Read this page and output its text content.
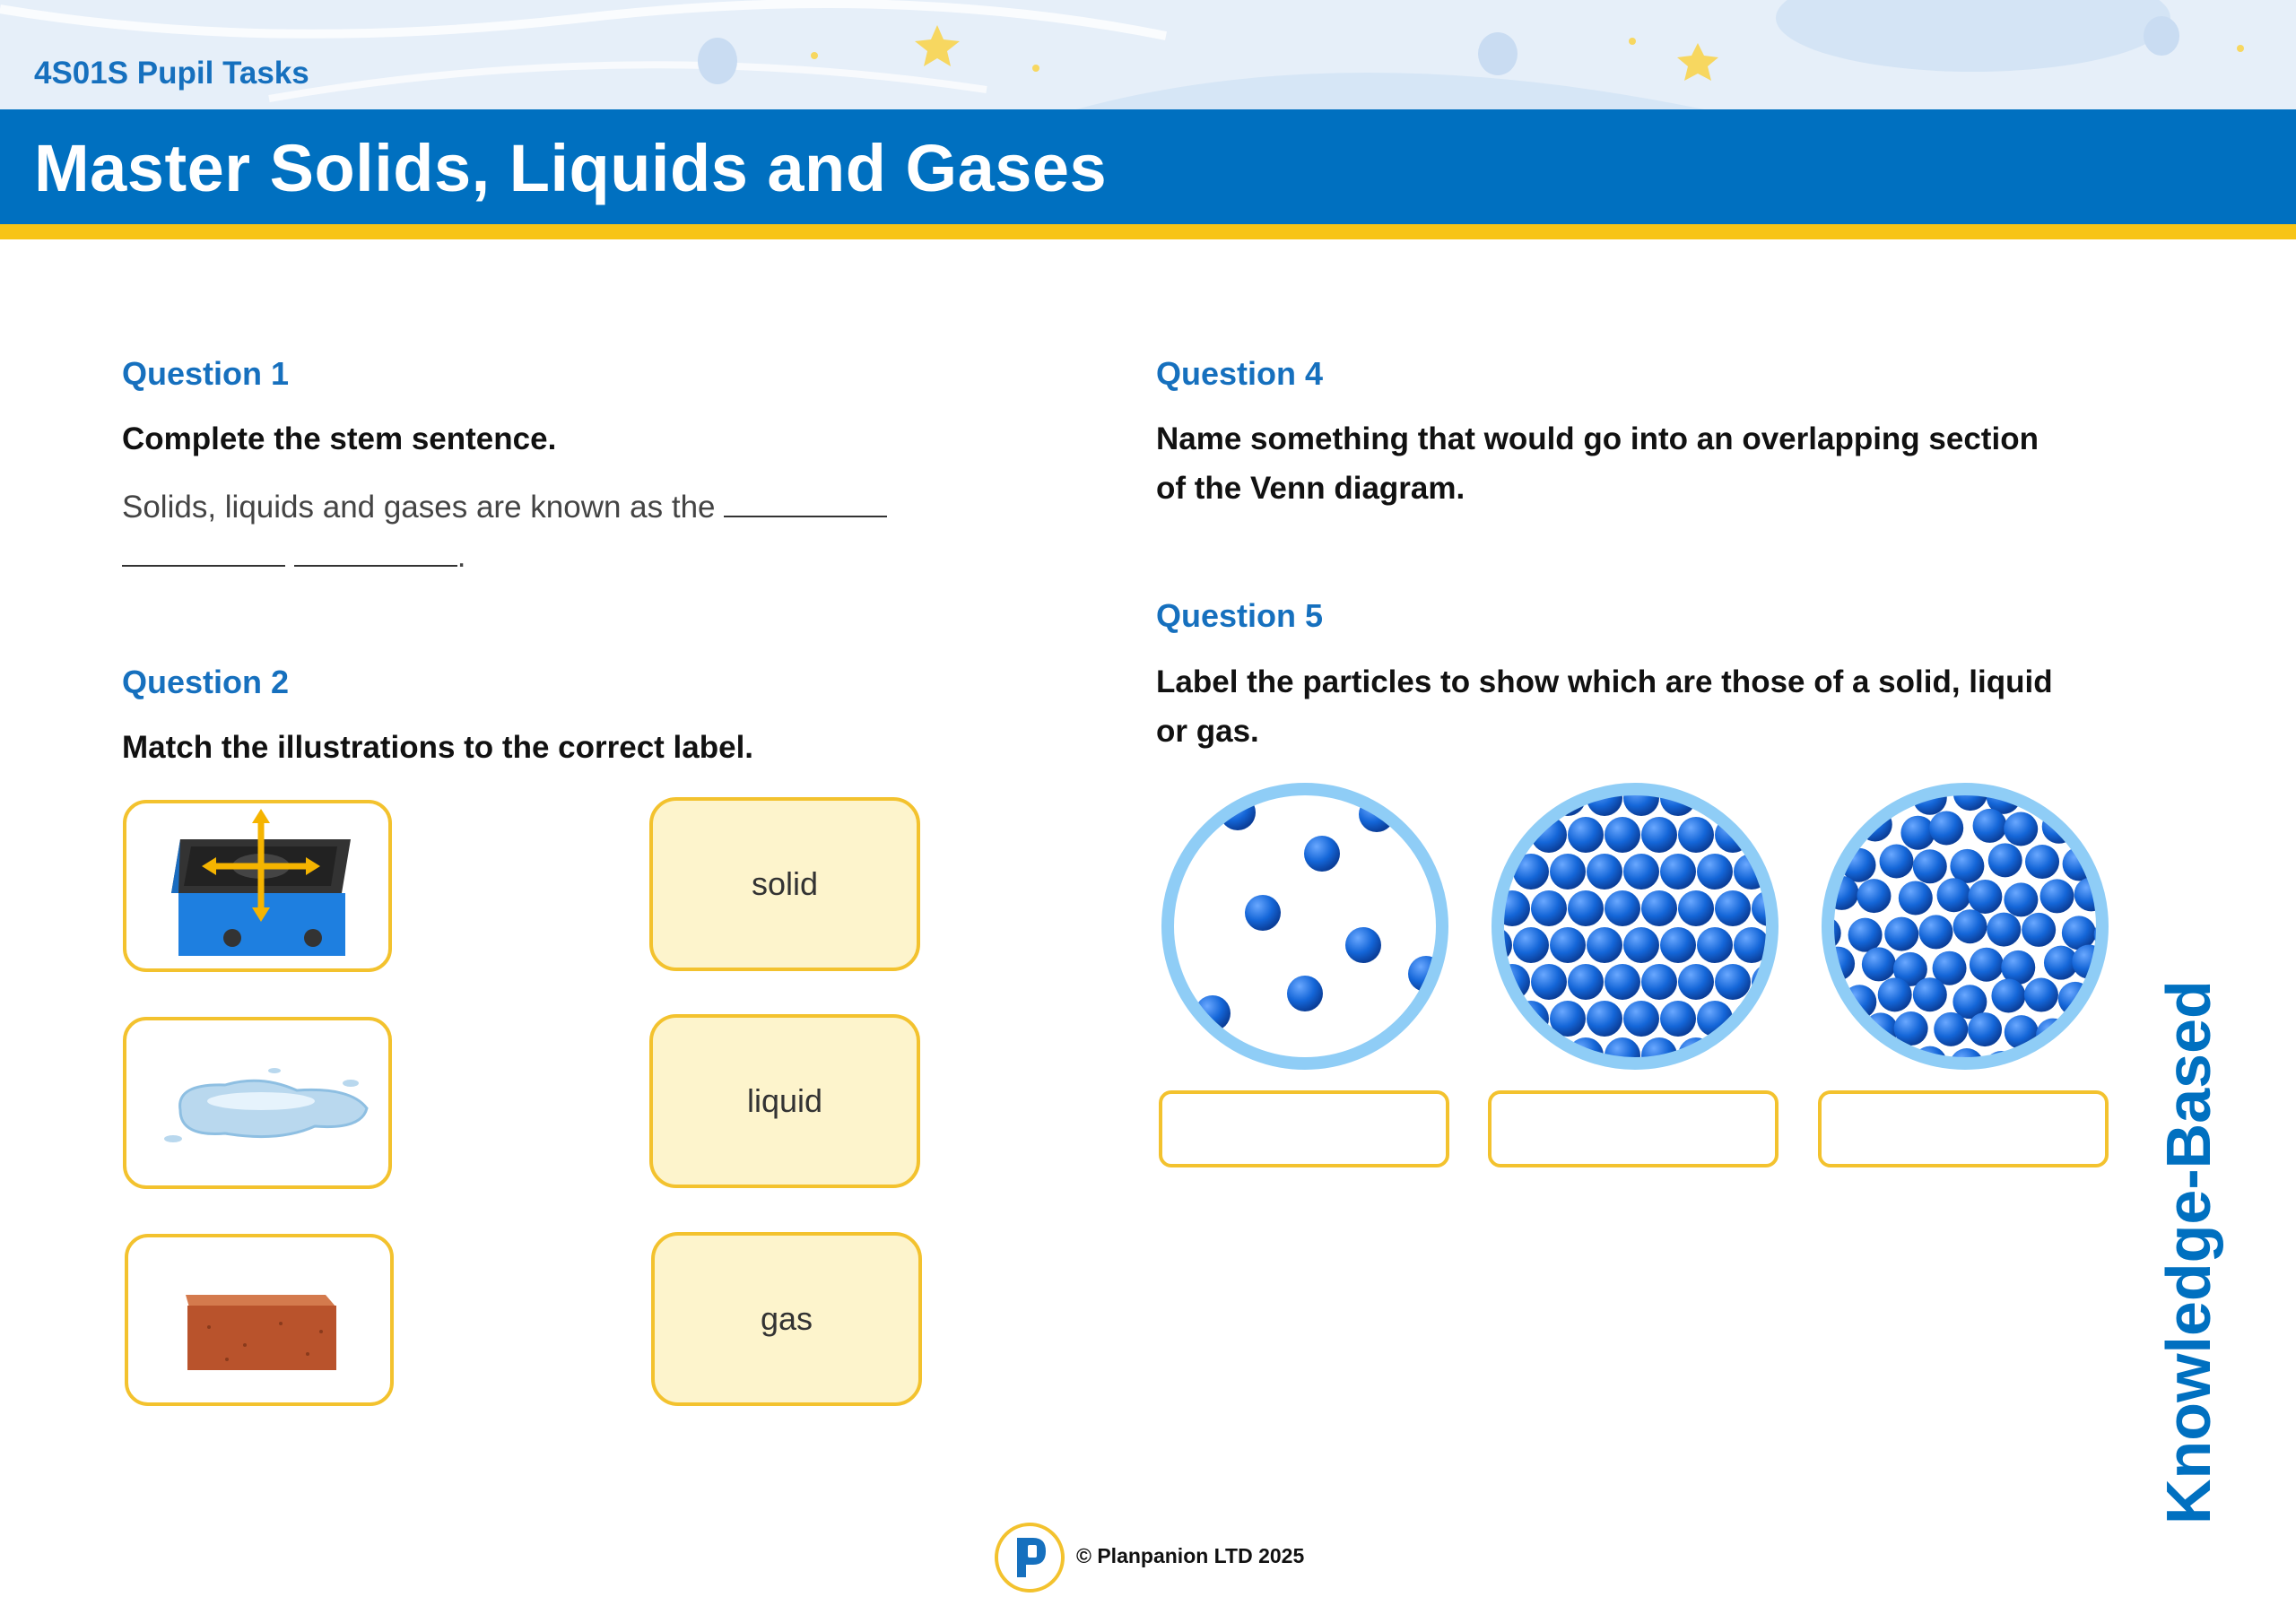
4S01S Pupil Tasks
Master Solids, Liquids and Gases
Question 1
Complete the stem sentence.
Solids, liquids and gases are known as the
.
Question 2
Match the illustrations to the correct label.
solid
liquid
gas
Question 4
Name something that would go into an overlapping section
of the Venn diagram.
Question 5
Label the particles to show which are those of a solid, liquid
or gas.
Knowledge-Based
© Planpanion LTD 2025
